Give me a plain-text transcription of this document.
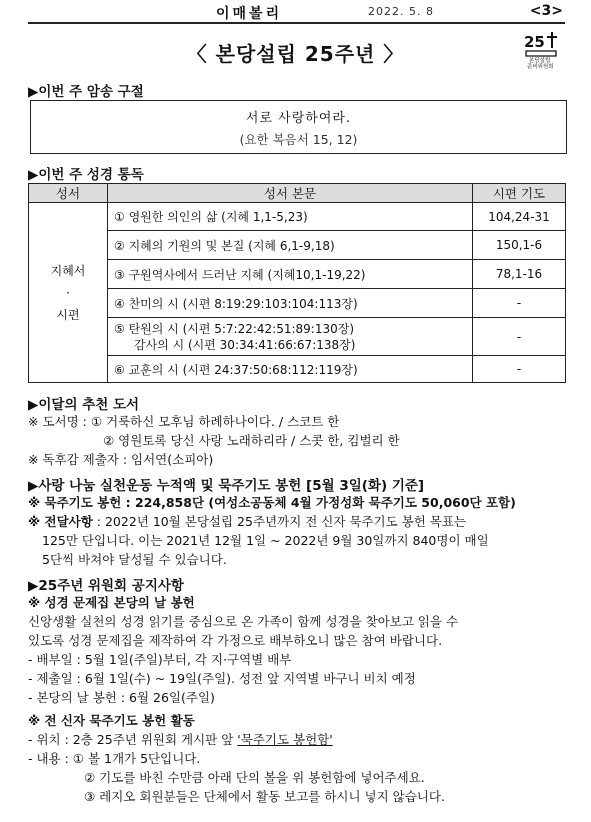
이매볼리	2022. 5. 8	<3>
〈 본당설립 25주년 〉	25
본당설립
준비위원회
▶이번 주 암송 구절
서로 사랑하여라.
(요한 복음서 15, 12)
▶이번 주 성경 통독
성서	성서 본문	시편 기도
지혜서
·
시편	① 영원한 의인의 삶 (지혜 1,1-5,23)	104,24-31
	② 지혜의 기원의 및 본질 (지혜 6,1-9,18)	150,1-6
	③ 구원역사에서 드러난 지혜 (지혜10,1-19,22)	78,1-16
	④ 찬미의 시 (시편 8:19:29:103:104:113장)	-
	⑤ 탄원의 시 (시편 5:7:22:42:51:89:130장)
감사의 시 (시편 30:34:41:66:67:138장)	-
	⑥ 교훈의 시 (시편 24:37:50:68:112:119장)	-
▶이달의 추천 도서
※ 도서명 : ① 거룩하신 모후님 하례하나이다. / 스코트 한
② 영원토록 당신 사랑 노래하리라 / 스콧 한, 킴벌리 한
※ 독후감 제출자 : 임서연(소피아)
▶사랑 나눔 실천운동 누적액 및 묵주기도 봉헌 [5월 3일(화) 기준]
※ 묵주기도 봉헌 : 224,858단 (여성소공동체 4월 가정성화 묵주기도 50,060단 포함)
※ 전달사항 : 2022년 10월 본당설립 25주년까지 전 신자 묵주기도 봉헌 목표는
125만 단입니다. 이는 2021년 12월 1일 ~ 2022년 9월 30일까지 840명이 매일
5단씩 바쳐야 달성될 수 있습니다.
▶25주년 위원회 공지사항
※ 성경 문제집 본당의 날 봉헌
신앙생활 실천의 성경 읽기를 중심으로 온 가족이 함께 성경을 찾아보고 읽을 수
있도록 성경 문제집을 제작하여 각 가정으로 배부하오니 많은 참여 바랍니다.
- 배부일 : 5월 1일(주일)부터, 각 지·구역별 배부
- 제출일 : 6월 1일(수) ~ 19일(주일). 성전 앞 지역별 바구니 비치 예정
- 본당의 날 봉헌 : 6월 26일(주일)
※ 전 신자 묵주기도 봉헌 활동
- 위치 : 2층 25주년 위원회 게시판 앞 '묵주기도 봉헌함'
- 내용 : ① 볼 1개가 5단입니다.
② 기도를 바친 수만큼 아래 단의 볼을 위 봉헌함에 넣어주세요.
③ 레지오 회원분들은 단체에서 활동 보고를 하시니 넣지 않습니다.
